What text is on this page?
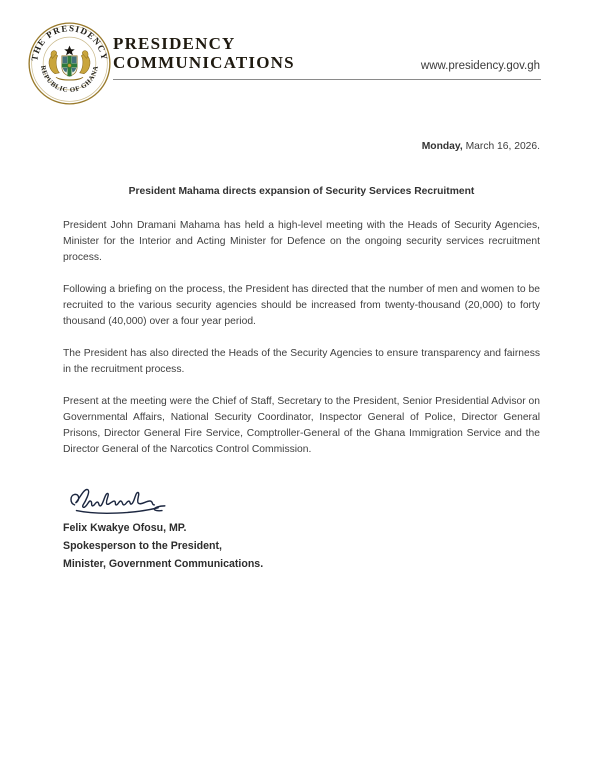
THE PRESIDENCY
REPUBLIC OF GHANA
PRESIDENCY
COMMUNICATIONS	www.presidency.gov.gh
Monday, March 16, 2026.
President Mahama directs expansion of Security Services Recruitment

President John Dramani Mahama has held a high-level meeting with the Heads of Security Agencies, Minister for the Interior and Acting Minister for Defence on the ongoing security services recruitment process.

Following a briefing on the process, the President has directed that the number of men and women to be recruited to the various security agencies should be increased from twenty-thousand (20,000) to forty thousand (40,000) over a four year period.

The President has also directed the Heads of the Security Agencies to ensure transparency and fairness in the recruitment process.

Present at the meeting were the Chief of Staff, Secretary to the President, Senior Presidential Advisor on Governmental Affairs, National Security Coordinator, Inspector General of Police, Director General Prisons, Director General Fire Service, Comptroller-General of the Ghana Immigration Service and the Director General of the Narcotics Control Commission.

Felix Kwakye Ofosu, MP.
Spokesperson to the President,
Minister, Government Communications.
